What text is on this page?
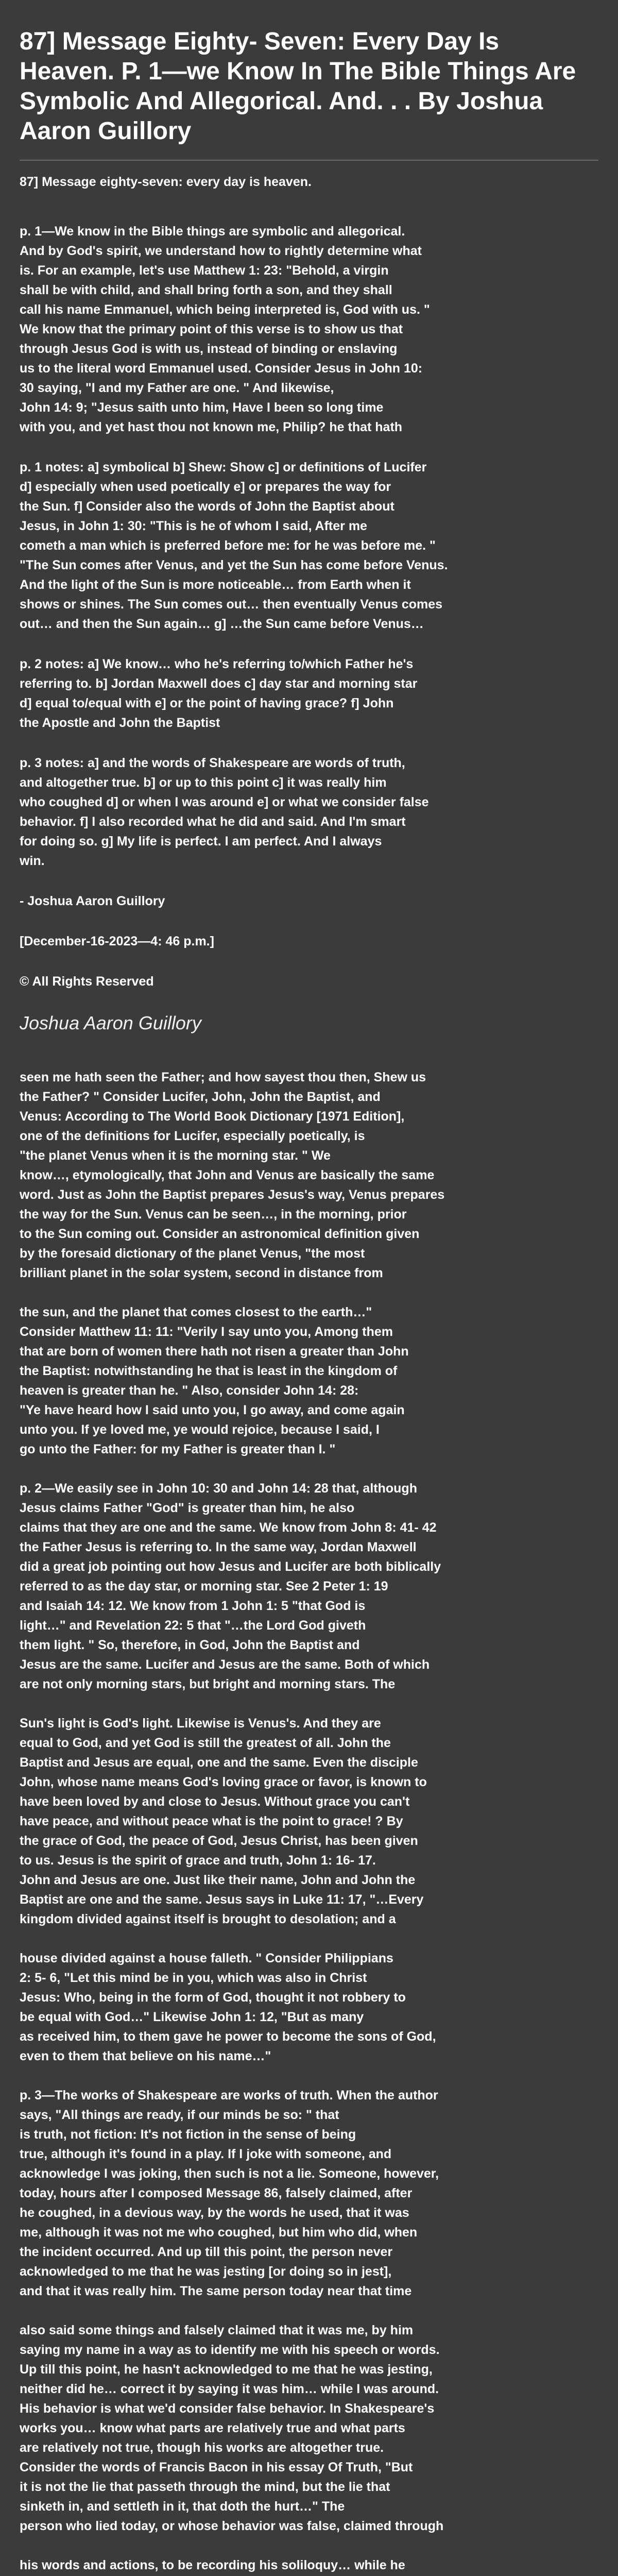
87] Message Eighty- Seven: Every Day Is Heaven. P. 1—we Know In The Bible Things Are Symbolic And Allegorical. And. . . By Joshua Aaron Guillory

87] Message eighty-seven: every day is heaven.

p. 1—We know in the Bible things are symbolic and allegorical.
And by God's spirit, we understand how to rightly determine what
is. For an example, let's use Matthew 1: 23: "Behold, a virgin
shall be with child, and shall bring forth a son, and they shall
call his name Emmanuel, which being interpreted is, God with us. "
We know that the primary point of this verse is to show us that
through Jesus God is with us, instead of binding or enslaving
us to the literal word Emmanuel used. Consider Jesus in John 10:
30 saying, "I and my Father are one. " And likewise,
John 14: 9; "Jesus saith unto him, Have I been so long time
with you, and yet hast thou not known me, Philip? he that hath

p. 1 notes: a] symbolical b] Shew: Show c] or definitions of Lucifer
d] especially when used poetically e] or prepares the way for
the Sun. f] Consider also the words of John the Baptist about
Jesus, in John 1: 30: "This is he of whom I said, After me
cometh a man which is preferred before me: for he was before me. "
"The Sun comes after Venus, and yet the Sun has come before Venus.
And the light of the Sun is more noticeable… from Earth when it
shows or shines. The Sun comes out… then eventually Venus comes
out… and then the Sun again… g] …the Sun came before Venus…

p. 2 notes: a] We know… who he's referring to/which Father he's
referring to. b] Jordan Maxwell does c] day star and morning star
d] equal to/equal with e] or the point of having grace? f] John
the Apostle and John the Baptist

p. 3 notes: a] and the words of Shakespeare are words of truth,
and altogether true. b] or up to this point c] it was really him
who coughed d] or when I was around e] or what we consider false
behavior. f] I also recorded what he did and said. And I'm smart
for doing so. g] My life is perfect. I am perfect. And I always
win.

- Joshua Aaron Guillory

[December-16-2023—4: 46 p.m.]

© All Rights Reserved

Joshua Aaron Guillory

seen me hath seen the Father; and how sayest thou then, Shew us
the Father? " Consider Lucifer, John, John the Baptist, and
Venus: According to The World Book Dictionary [1971 Edition],
one of the definitions for Lucifer, especially poetically, is
"the planet Venus when it is the morning star. " We
know…, etymologically, that John and Venus are basically the same
word. Just as John the Baptist prepares Jesus's way, Venus prepares
the way for the Sun. Venus can be seen…, in the morning, prior
to the Sun coming out. Consider an astronomical definition given
by the foresaid dictionary of the planet Venus, "the most
brilliant planet in the solar system, second in distance from

the sun, and the planet that comes closest to the earth…"
Consider Matthew 11: 11: "Verily I say unto you, Among them
that are born of women there hath not risen a greater than John
the Baptist: notwithstanding he that is least in the kingdom of
heaven is greater than he. " Also, consider John 14: 28:
"Ye have heard how I said unto you, I go away, and come again
unto you. If ye loved me, ye would rejoice, because I said, I
go unto the Father: for my Father is greater than I. "

p. 2—We easily see in John 10: 30 and John 14: 28 that, although
Jesus claims Father "God" is greater than him, he also
claims that they are one and the same. We know from John 8: 41- 42
the Father Jesus is referring to. In the same way, Jordan Maxwell
did a great job pointing out how Jesus and Lucifer are both biblically
referred to as the day star, or morning star. See 2 Peter 1: 19
and Isaiah 14: 12. We know from 1 John 1: 5 "that God is
light…" and Revelation 22: 5 that "…the Lord God giveth
them light. " So, therefore, in God, John the Baptist and
Jesus are the same. Lucifer and Jesus are the same. Both of which
are not only morning stars, but bright and morning stars. The

Sun's light is God's light. Likewise is Venus's. And they are
equal to God, and yet God is still the greatest of all. John the
Baptist and Jesus are equal, one and the same. Even the disciple
John, whose name means God's loving grace or favor, is known to
have been loved by and close to Jesus. Without grace you can't
have peace, and without peace what is the point to grace! ? By
the grace of God, the peace of God, Jesus Christ, has been given
to us. Jesus is the spirit of grace and truth, John 1: 16- 17.
John and Jesus are one. Just like their name, John and John the
Baptist are one and the same. Jesus says in Luke 11: 17, "…Every
kingdom divided against itself is brought to desolation; and a

house divided against a house falleth. " Consider Philippians
2: 5- 6, "Let this mind be in you, which was also in Christ
Jesus: Who, being in the form of God, thought it not robbery to
be equal with God…" Likewise John 1: 12, "But as many
as received him, to them gave he power to become the sons of God,
even to them that believe on his name…"

p. 3—The works of Shakespeare are works of truth. When the author
says, "All things are ready, if our minds be so: " that
is truth, not fiction: It's not fiction in the sense of being
true, although it's found in a play. If I joke with someone, and
acknowledge I was joking, then such is not a lie. Someone, however,
today, hours after I composed Message 86, falsely claimed, after
he coughed, in a devious way, by the words he used, that it was
me, although it was not me who coughed, but him who did, when
the incident occurred. And up till this point, the person never
acknowledged to me that he was jesting [or doing so in jest],
and that it was really him. The same person today near that time

also said some things and falsely claimed that it was me, by him
saying my name in a way as to identify me with his speech or words.
Up till this point, he hasn't acknowledged to me that he was jesting,
neither did he… correct it by saying it was him… while I was around.
His behavior is what we'd consider false behavior. In Shakespeare's
works you… know what parts are relatively true and what parts
are relatively not true, though his works are altogether true.
Consider the words of Francis Bacon in his essay Of Truth, "But
it is not the lie that passeth through the mind, but the lie that
sinketh in, and settleth in it, that doth the hurt…" The
person who lied today, or whose behavior was false, claimed through

his words and actions, to be recording his soliloquy… while he
